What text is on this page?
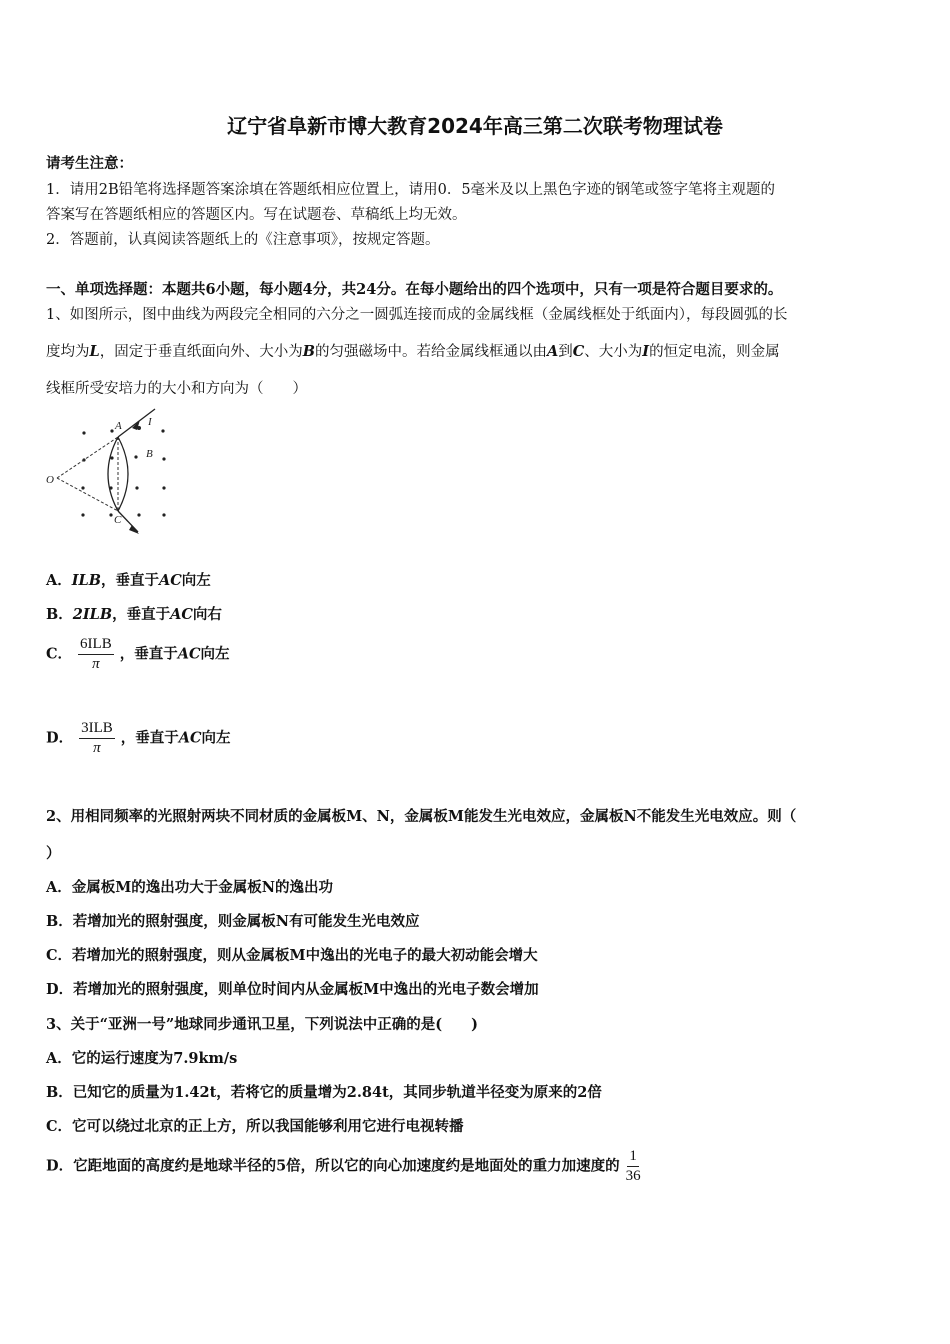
辽宁省阜新市博大教育2024年高三第二次联考物理试卷
请考生注意：
1．请用2B铅笔将选择题答案涂填在答题纸相应位置上，请用0．5毫米及以上黑色字迹的钢笔或签字笔将主观题的
答案写在答题纸相应的答题区内。写在试题卷、草稿纸上均无效。
2．答题前，认真阅读答题纸上的《注意事项》，按规定答题。
一、单项选择题：本题共6小题，每小题4分，共24分。在每小题给出的四个选项中，只有一项是符合题目要求的。
1、如图所示，图中曲线为两段完全相同的六分之一圆弧连接而成的金属线框（金属线框处于纸面内），每段圆弧的长
度均为L，固定于垂直纸面向外、大小为B的匀强磁场中。若给金属线框通以由A到C、大小为I的恒定电流，则金属
线框所受安培力的大小和方向为（　　）
A I
B
O
C
A．ILB，垂直于AC向左
B．2ILB，垂直于AC向右
C． $\frac{\text{6ILB}}{\pi}$ ，垂直于AC向左
D． $\frac{\text{3ILB}}{\pi}$ ，垂直于AC向左
2、用相同频率的光照射两块不同材质的金属板M、N，金属板M能发生光电效应，金属板N不能发生光电效应。则（
）
A．金属板M的逸出功大于金属板N的逸出功
B．若增加光的照射强度，则金属板N有可能发生光电效应
C．若增加光的照射强度，则从金属板M中逸出的光电子的最大初动能会增大
D．若增加光的照射强度，则单位时间内从金属板M中逸出的光电子数会增加
3、关于“亚洲一号”地球同步通讯卫星，下列说法中正确的是(　　)
A．它的运行速度为7.9km/s
B．已知它的质量为1.42t，若将它的质量增为2.84t，其同步轨道半径变为原来的2倍
C．它可以绕过北京的正上方，所以我国能够利用它进行电视转播
D．它距地面的高度约是地球半径的5倍，所以它的向心加速度约是地面处的重力加速度的 $\frac{1}{36}$
